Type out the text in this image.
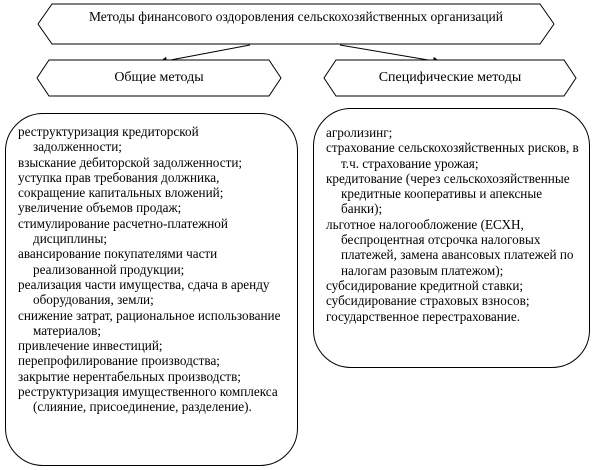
Методы финансового оздоровления сельскохозяйственных организаций
Общие методы	Специфические методы
реструктуризация кредиторской задолженности;
взыскание дебиторской задолженности;
уступка прав требования должника,
сокращение капитальных вложений;
увеличение объемов продаж;
стимулирование расчетно-платежной дисциплины;
авансирование покупателями части реализованной продукции;
реализация части имущества, сдача в аренду оборудования, земли;
снижение затрат, рациональное использование материалов;
привлечение инвестиций;
перепрофилирование производства;
закрытие нерентабельных производств;
реструктуризация имущественного комплекса (слияние, присоединение, разделение).
агролизинг;
страхование сельскохозяйственных рисков, в т.ч. страхование урожая;
кредитование (через сельскохозяйственные кредитные кооперативы и апексные банки);
льготное налогообложение (ЕСХН, беспроцентная отсрочка налоговых платежей, замена авансовых платежей по налогам разовым платежом);
субсидирование кредитной ставки;
субсидирование страховых взносов;
государственное перестрахование.
